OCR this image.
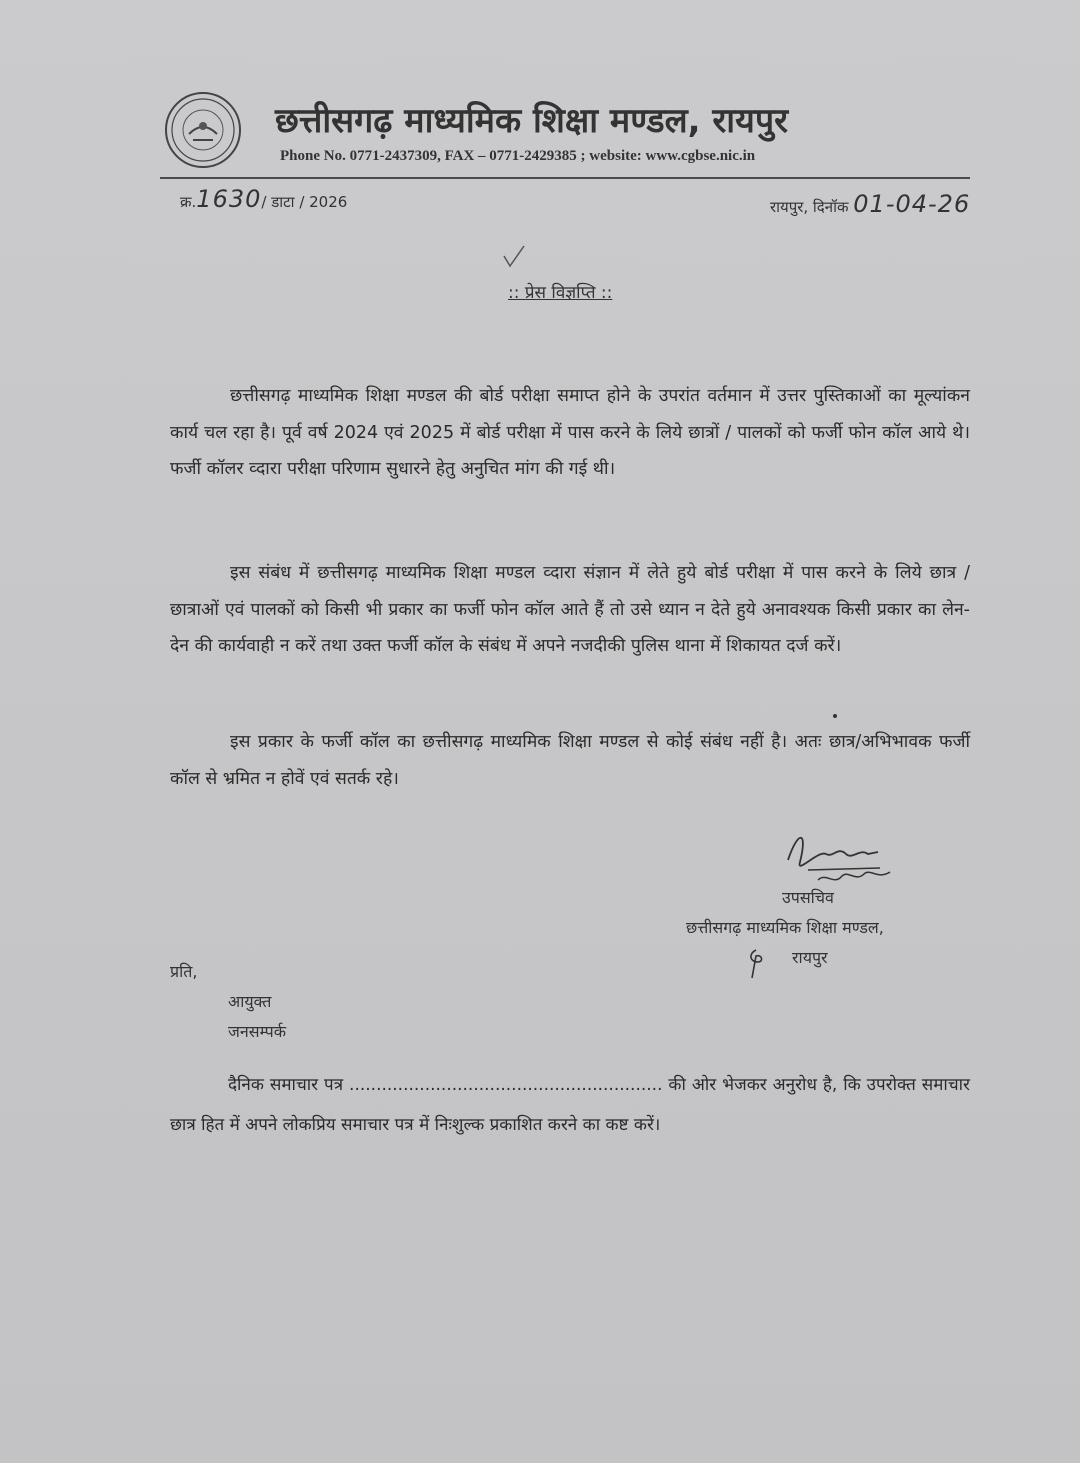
छत्तीसगढ़ माध्यमिक शिक्षा मण्डल, रायपुर
Phone No. 0771-2437309, FAX – 0771-2429385 ; website: www.cgbse.nic.in
क्र.1630/ डाटा / 2026	रायपुर, दिनॉक 01-04-26
:: प्रेस विज्ञप्ति ::

छत्तीसगढ़ माध्यमिक शिक्षा मण्डल की बोर्ड परीक्षा समाप्त होने के उपरांत वर्तमान में उत्तर पुस्तिकाओं का मूल्यांकन कार्य चल रहा है। पूर्व वर्ष 2024 एवं 2025 में बोर्ड परीक्षा में पास करने के लिये छात्रों / पालकों को फर्जी फोन कॉल आये थे। फर्जी कॉलर व्दारा परीक्षा परिणाम सुधारने हेतु अनुचित मांग की गई थी।

इस संबंध में छत्तीसगढ़ माध्यमिक शिक्षा मण्डल व्दारा संज्ञान में लेते हुये बोर्ड परीक्षा में पास करने के लिये छात्र / छात्राओं एवं पालकों को किसी भी प्रकार का फर्जी फोन कॉल आते हैं तो उसे ध्यान न देते हुये अनावश्यक किसी प्रकार का लेन-देन की कार्यवाही न करें तथा उक्त फर्जी कॉल के संबंध में अपने नजदीकी पुलिस थाना में शिकायत दर्ज करें।

इस प्रकार के फर्जी कॉल का छत्तीसगढ़ माध्यमिक शिक्षा मण्डल से कोई संबंध नहीं है। अतः छात्र/अभिभावक फर्जी कॉल से भ्रमित न होवें एवं सतर्क रहे।

उपसचिव
छत्तीसगढ़ माध्यमिक शिक्षा मण्डल,
रायपुर
प्रति,
आयुक्त
जनसम्पर्क

दैनिक समाचार पत्र .......................................................... की ओर भेजकर अनुरोध है, कि उपरोक्त समाचार छात्र हित में अपने लोकप्रिय समाचार पत्र में निःशुल्क प्रकाशित करने का कष्ट करें।
